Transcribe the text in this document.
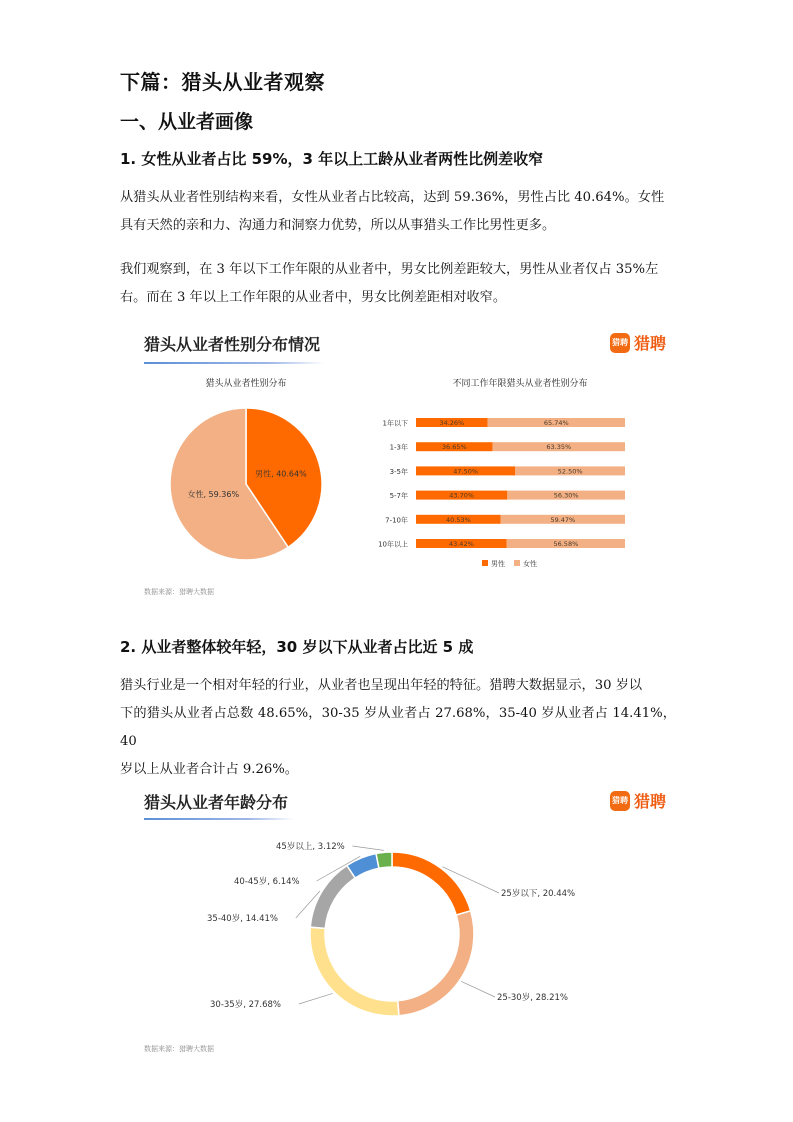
下篇：猎头从业者观察
一、从业者画像
1. 女性从业者占比 59%，3 年以上工龄从业者两性比例差收窄
从猎头从业者性别结构来看，女性从业者占比较高，达到 59.36%，男性占比 40.64%。女性
具有天然的亲和力、沟通力和洞察力优势，所以从事猎头工作比男性更多。
我们观察到，在 3 年以下工作年限的从业者中，男女比例差距较大，男性从业者仅占 35%左
右。而在 3 年以上工作年限的从业者中，男女比例差距相对收窄。
猎头从业者性别分布情况	猎聘 猎聘
猎头从业者性别分布
男性, 40.64%
女性, 59.36%
不同工作年限猎头从业者性别分布
1年以下	34.26%	65.74%
1-3年	36.65%	63.35%
3-5年	47.50%	52.50%
5-7年	43.70%	56.30%
7-10年	40.53%	59.47%
10年以上	43.42%	56.58%
男性	女性
数据来源：猎聘大数据
2. 从业者整体较年轻，30 岁以下从业者占比近 5 成
猎头行业是一个相对年轻的行业，从业者也呈现出年轻的特征。猎聘大数据显示，30 岁以
下的猎头从业者占总数 48.65%，30-35 岁从业者占 27.68%，35-40 岁从业者占 14.41%，40
岁以上从业者合计占 9.26%。
猎头从业者年龄分布	猎聘 猎聘
25岁以下, 20.44%
25-30岁, 28.21%
30-35岁, 27.68%
35-40岁, 14.41%
40-45岁, 6.14%
45岁以上, 3.12%
数据来源：猎聘大数据
